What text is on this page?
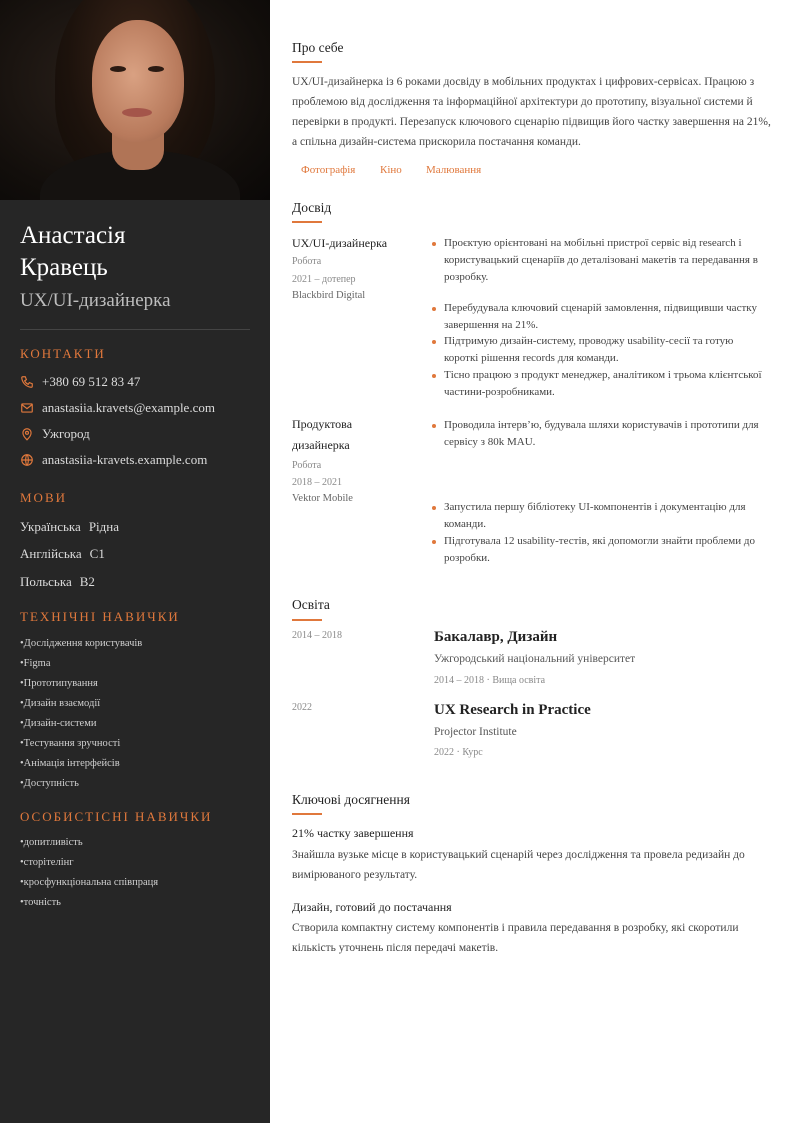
Анастасія
Кравець
UX/UI-дизайнерка
КОНТАКТИ
+380 69 512 83 47
anastasiia.kravets@example.com
Ужгород
anastasiia-kravets.example.com
МОВИ
Українська Рідна
Англійська C1
Польська B2
ТЕХНІЧНІ НАВИЧКИ
•Дослідження користувачів
•Figma
•Прототипування
•Дизайн взаємодії
•Дизайн-системи
•Тестування зручності
•Анімація інтерфейсів
•Доступність
ОСОБИСТІСНІ НАВИЧКИ
•допитливість
•сторітелінг
•кросфункціональна співпраця
•точність
Про себе

UX/UI-дизайнерка із 6 роками досвіду в мобільних продуктах і цифрових-сервісах. Працюю з проблемою від дослідження та інформаційної архітектури до прототипу, візуальної системи й перевірки в продукті. Перезапуск ключового сценарію підвищив його частку завершення на 21%, а спільна дизайн-система прискорила постачання команди.

Фотографія Кіно Малювання
Досвід
UX/UI-дизайнерка
Робота
2021 – дотепер
Blackbird Digital
Проєктую орієнтовані на мобільні пристрої сервіс від research і користувацький сценаріїв до деталізовані макетів та передавання в розробку.
Перебудувала ключовий сценарій замовлення, підвищивши частку завершення на 21%.
Підтримую дизайн-систему, проводжу usability-сесії та готую короткі рішення records для команди.
Тісно працюю з продукт менеджер, аналітиком і трьома клієнтської частини-розробниками.
Продуктова дизайнерка
Робота
2018 – 2021
Vektor Mobile
Проводила інтерв’ю, будувала шляхи користувачів і прототипи для сервісу з 80k MAU.
Запустила першу бібліотеку UI-компонентів і документацію для команди.
Підготувала 12 usability-тестів, які допомогли знайти проблеми до розробки.
Освіта
2014 – 2018	Бакалавр, Дизайн
Ужгородський національний університет
2014 – 2018 · Вища освіта
2022	UX Research in Practice
Projector Institute
2022 · Курс
Ключові досягнення
21% частку завершення
Знайшла вузьке місце в користувацький сценарій через дослідження та провела редизайн до вимірюваного результату.
Дизайн, готовий до постачання
Створила компактну систему компонентів і правила передавання в розробку, які скоротили кількість уточнень після передачі макетів.
